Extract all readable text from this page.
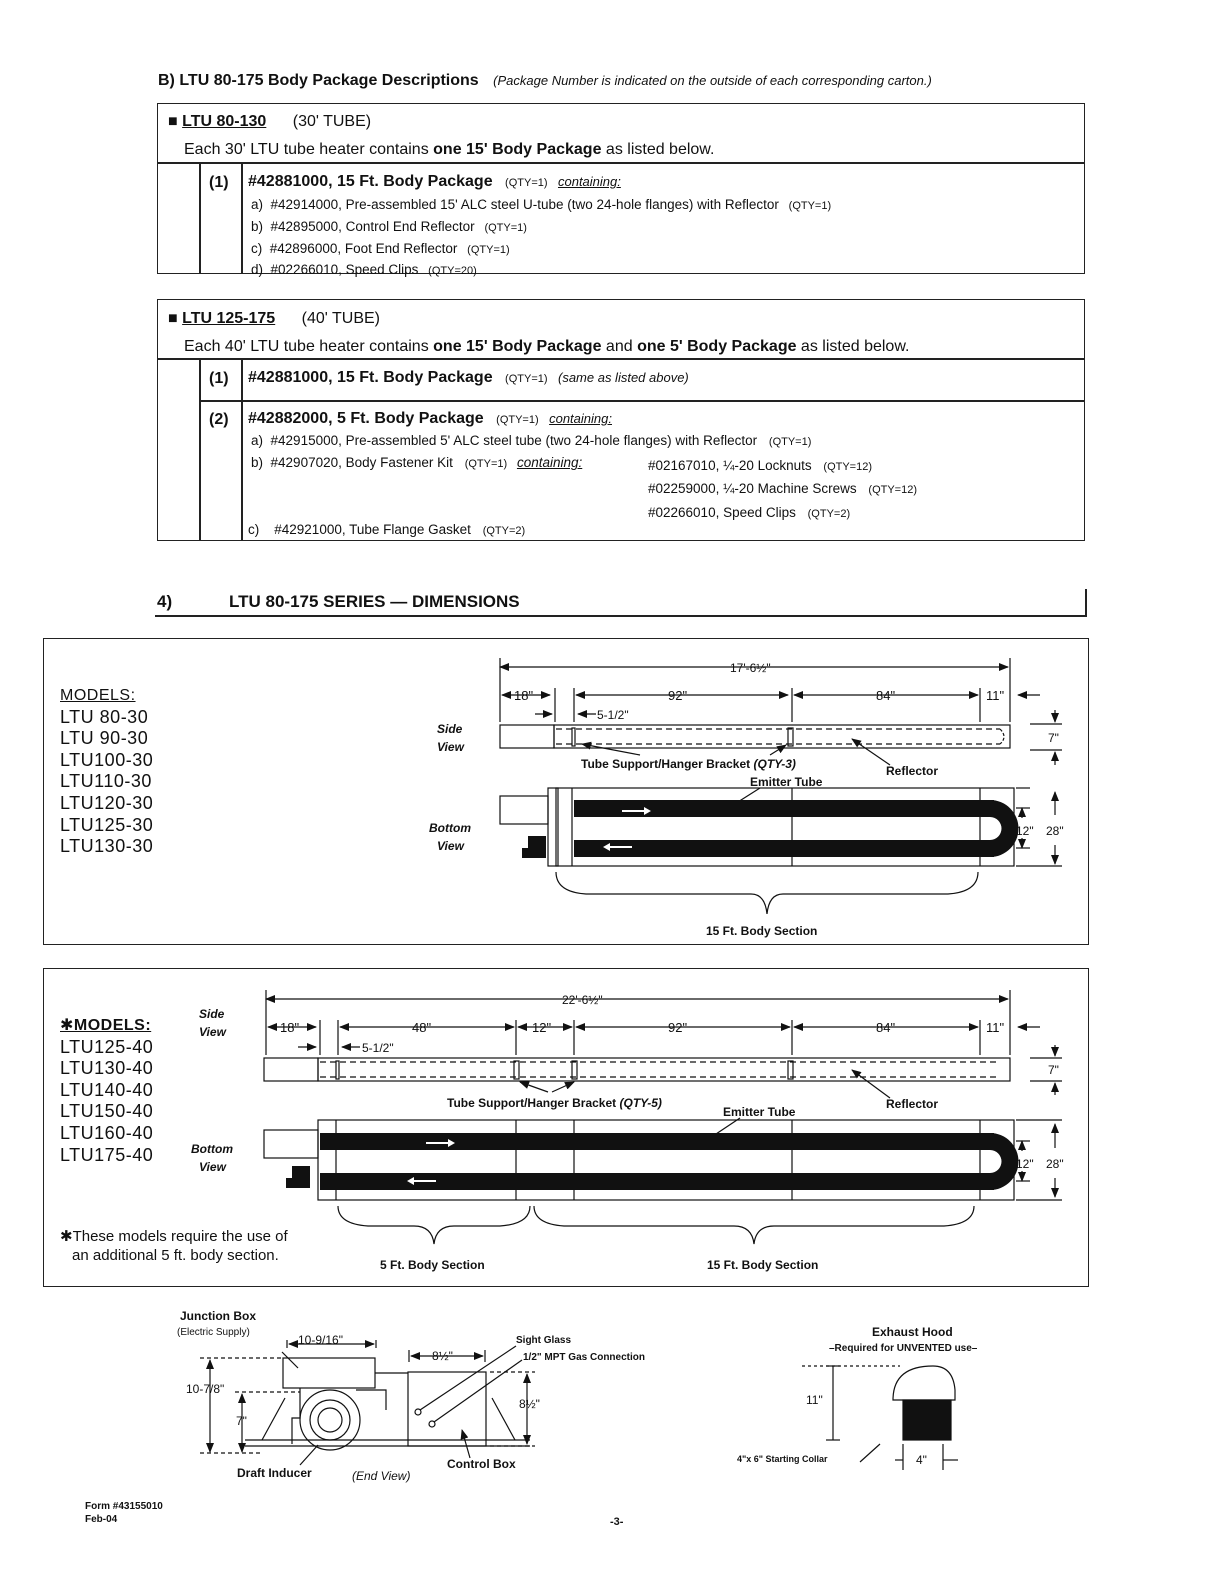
B) LTU 80-175 Body Package Descriptions (Package Number is indicated on the outside of each corresponding carton.)
■ LTU 80-130 (30' TUBE)
Each 30' LTU tube heater contains one 15' Body Package as listed below.
(1) #42881000, 15 Ft. Body Package (QTY=1) containing:
a) #42914000, Pre-assembled 15' ALC steel U-tube (two 24-hole flanges) with Reflector (QTY=1)
b) #42895000, Control End Reflector (QTY=1)
c) #42896000, Foot End Reflector (QTY=1)
d) #02266010, Speed Clips (QTY=20)
■ LTU 125-175 (40' TUBE)
Each 40' LTU tube heater contains one 15' Body Package and one 5' Body Package as listed below.
(1) #42881000, 15 Ft. Body Package (QTY=1) (same as listed above)
(2) #42882000, 5 Ft. Body Package (QTY=1) containing:
a) #42915000, Pre-assembled 5' ALC steel tube (two 24-hole flanges) with Reflector (QTY=1)
b) #42907020, Body Fastener Kit (QTY=1) containing:	#02167010, ¼-20 Locknuts (QTY=12)
#02259000, ¼-20 Machine Screws (QTY=12)
#02266010, Speed Clips (QTY=2)
c) #42921000, Tube Flange Gasket (QTY=2)
4)	LTU 80-175 SERIES — DIMENSIONS
MODELS:
LTU 80-30
LTU 90-30
LTU100-30
LTU110-30
LTU120-30
LTU125-30
LTU130-30
17'-6½"
18"	92"	84"	11"
5-1/2"
7"
12" 28"
Tube Support/Hanger Bracket (QTY-3)
Emitter Tube
Reflector
15 Ft. Body Section
Side
View
Bottom
View
✱MODELS:
LTU125-40
LTU130-40
LTU140-40
LTU150-40
LTU160-40
LTU175-40
✱These models require the use of
an additional 5 ft. body section.
22'-6½"
18"	48"	12"	92"	84"	11"
5-1/2"
7"
12" 28"
Tube Support/Hanger Bracket (QTY-5)
Emitter Tube
Reflector
5 Ft. Body Section	15 Ft. Body Section
Side
View
Bottom
View
Junction Box
(Electric Supply)
10-9/16"
8½"
10-7/8"
7"
8½"
Sight Glass
1/2" MPT Gas Connection
Draft Inducer	(End View)
Control Box
Exhaust Hood
–Required for UNVENTED use–
11"
4"
4"x 6" Starting Collar
Form #43155010
Feb-04	-3-
